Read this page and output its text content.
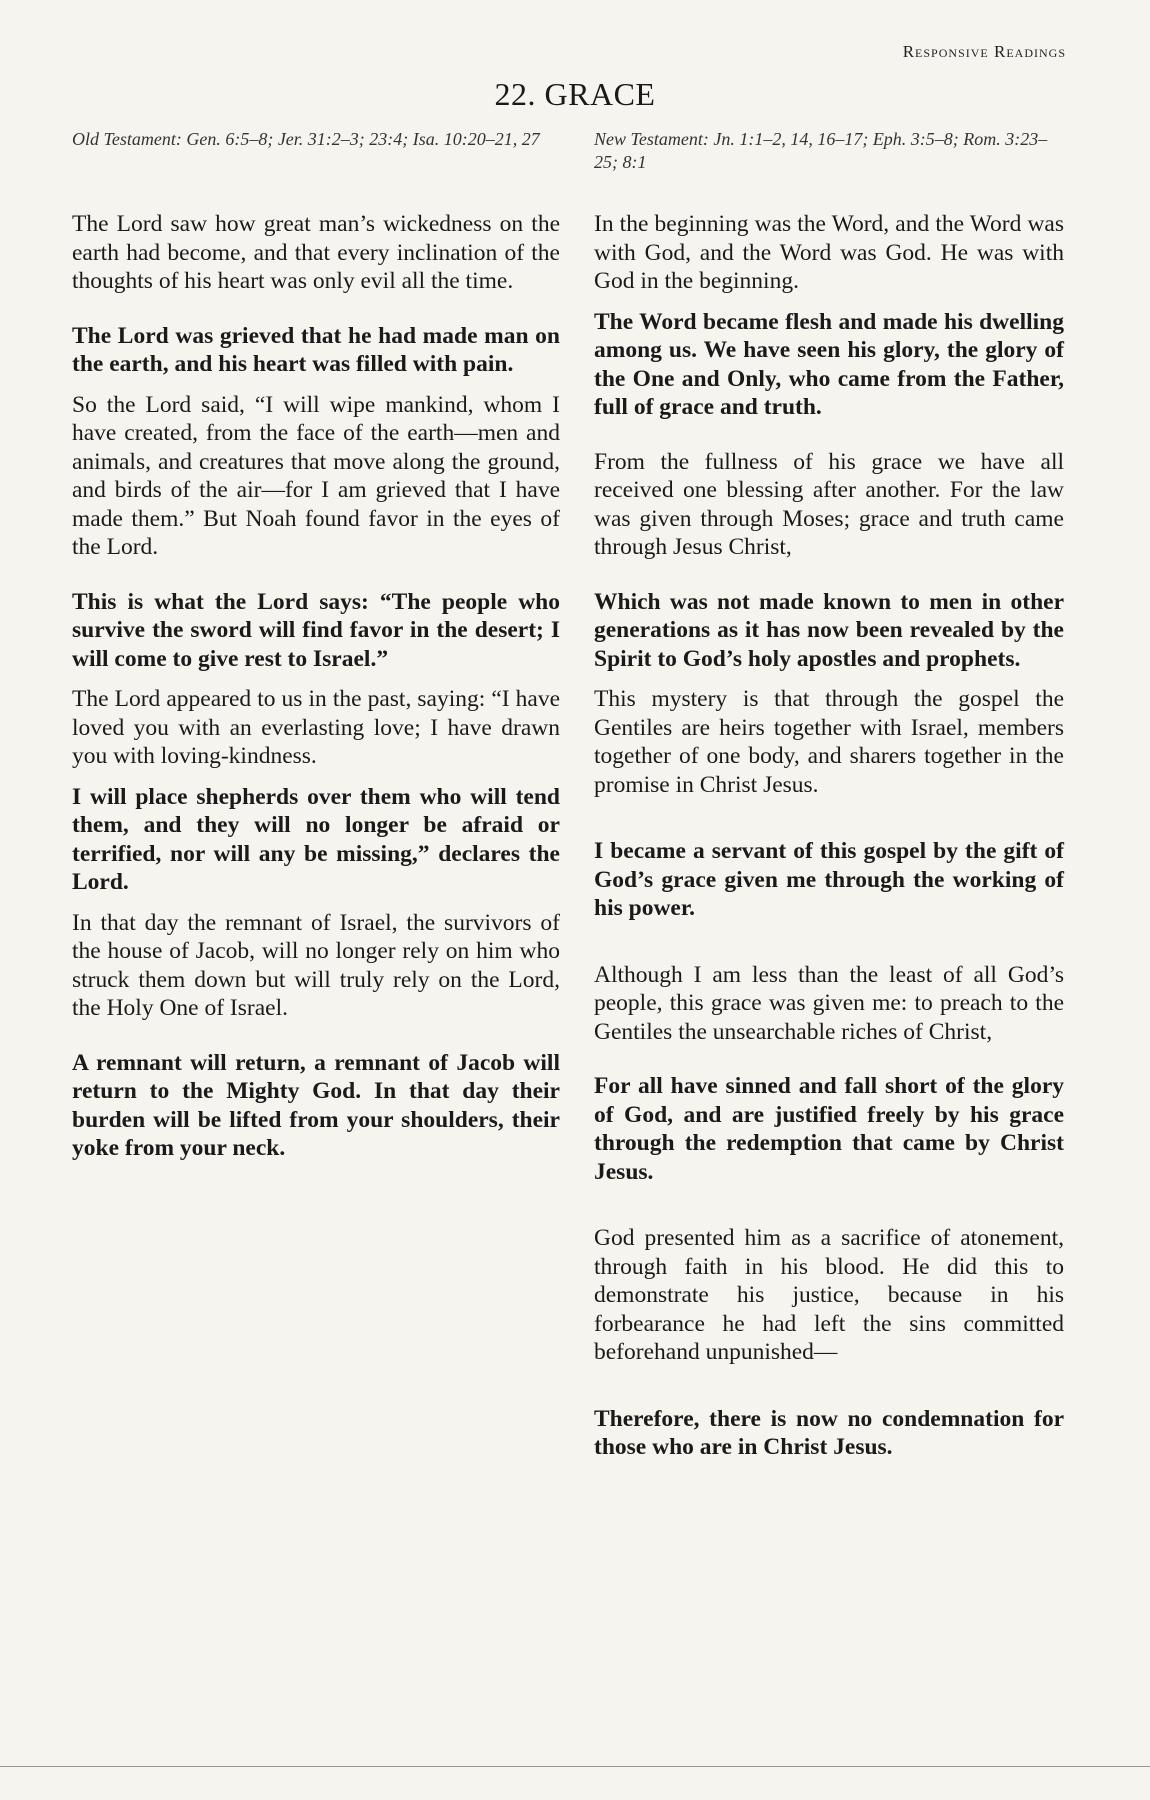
Responsive Readings
22. GRACE
Old Testament: Gen. 6:5–8; Jer. 31:2–3; 23:4; Isa. 10:20–21, 27

The Lord saw how great man’s wickedness on the earth had become, and that every inclination of the thoughts of his heart was only evil all the time.

The Lord was grieved that he had made man on the earth, and his heart was filled with pain.

So the Lord said, “I will wipe mankind, whom I have created, from the face of the earth—men and animals, and creatures that move along the ground, and birds of the air—for I am grieved that I have made them.” But Noah found favor in the eyes of the Lord.

This is what the Lord says: “The people who survive the sword will find favor in the desert; I will come to give rest to Israel.”

The Lord appeared to us in the past, saying: “I have loved you with an everlasting love; I have drawn you with loving-kindness.

I will place shepherds over them who will tend them, and they will no longer be afraid or terrified, nor will any be missing,” declares the Lord.

In that day the remnant of Israel, the survivors of the house of Jacob, will no longer rely on him who struck them down but will truly rely on the Lord, the Holy One of Israel.

A remnant will return, a remnant of Jacob will return to the Mighty God. In that day their burden will be lifted from your shoulders, their yoke from your neck.

New Testament: Jn. 1:1–2, 14, 16–17; Eph. 3:5–8; Rom. 3:23–25; 8:1

In the beginning was the Word, and the Word was with God, and the Word was God. He was with God in the beginning.

The Word became flesh and made his dwelling among us. We have seen his glory, the glory of the One and Only, who came from the Father, full of grace and truth.

From the fullness of his grace we have all received one blessing after another. For the law was given through Moses; grace and truth came through Jesus Christ,

Which was not made known to men in other generations as it has now been revealed by the Spirit to God’s holy apostles and prophets.

This mystery is that through the gospel the Gentiles are heirs together with Israel, members together of one body, and sharers together in the promise in Christ Jesus.

I became a servant of this gospel by the gift of God’s grace given me through the working of his power.

Although I am less than the least of all God’s people, this grace was given me: to preach to the Gentiles the unsearchable riches of Christ,

For all have sinned and fall short of the glory of God, and are justified freely by his grace through the redemption that came by Christ Jesus.

God presented him as a sacrifice of atonement, through faith in his blood. He did this to demonstrate his justice, because in his forbearance he had left the sins committed beforehand unpunished—

Therefore, there is now no condemnation for those who are in Christ Jesus.
